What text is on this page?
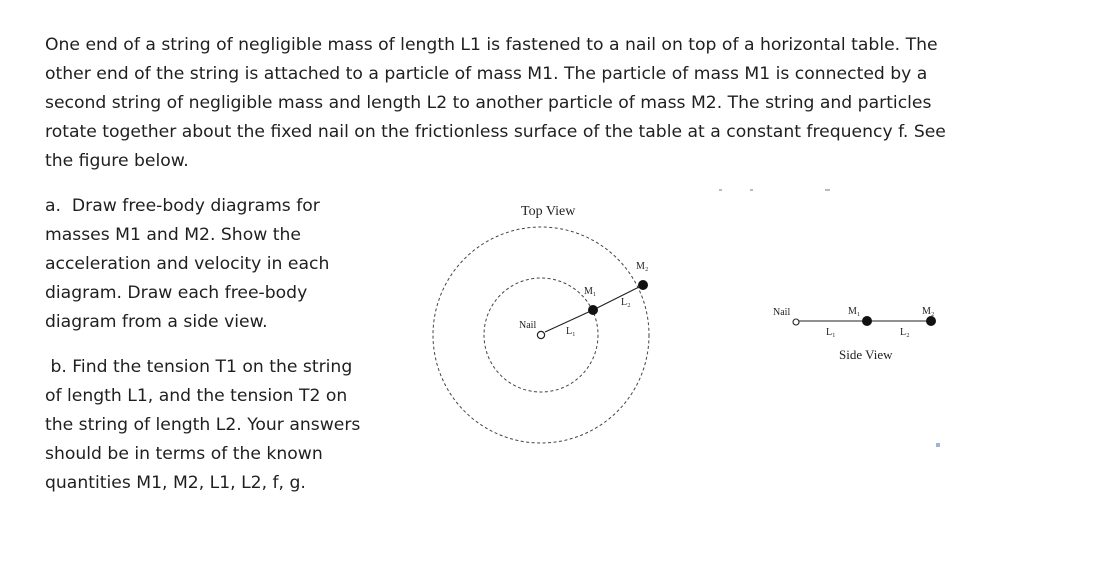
One end of a string of negligible mass of length L1 is fastened to a nail on top of a horizontal table. The
other end of the string is attached to a particle of mass M1. The particle of mass M1 is connected by a
second string of negligible mass and length L2 to another particle of mass M2. The string and particles
rotate together about the fixed nail on the frictionless surface of the table at a constant frequency f. See
the figure below.
a.  Draw free-body diagrams for
masses M1 and M2. Show the
acceleration and velocity in each
diagram. Draw each free-body
diagram from a side view.
b. Find the tension T1 on the string
of length L1, and the tension T2 on
the string of length L2. Your answers
should be in terms of the known
quantities M1, M2, L1, L2, f, g.
Top View
Nail
L₁
M₁
L₂
M₂
Nail	M₁	M₂
L₁	L₂
Side View
